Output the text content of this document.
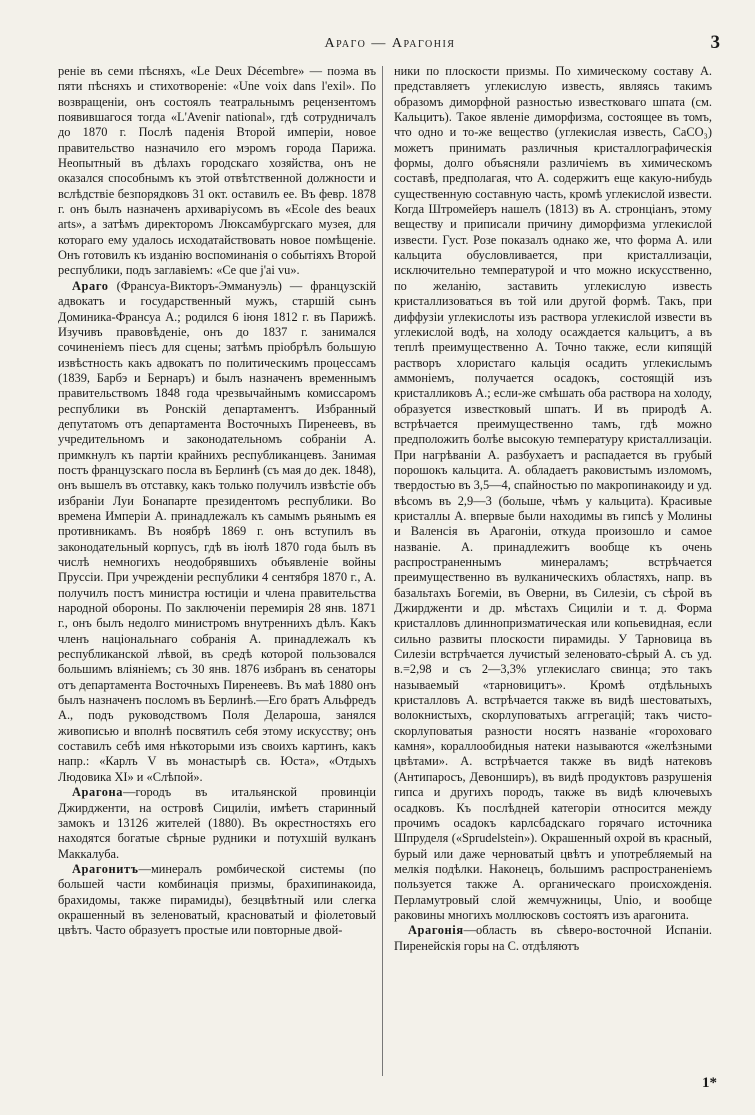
Араго — Арагонія	3

реніе въ семи пѣсняхъ, «Le Deux Décembre» — поэма въ пяти пѣсняхъ и стихотвореніе: «Une voix dans l'exil». По возвращеніи, онъ состоялъ театральнымъ рецензентомъ появившагося тогда «L'Avenir national», гдѣ сотрудничалъ до 1870 г. Послѣ паденія Второй имперіи, новое правительство назначило его мэромъ города Парижа. Неопытный въ дѣлахъ городскаго хозяйства, онъ не оказался способнымъ къ этой отвѣтственной должности и вслѣдствіе безпорядковъ 31 окт. оставилъ ее. Въ февр. 1878 г. онъ былъ назначенъ архиваріусомъ въ «Ecole des beaux arts», а затѣмъ директоромъ Люксамбургскаго музея, для котораго ему удалось исходатайствовать новое помѣщеніе. Онъ готовилъ къ изданію воспоминанія о событіяхъ Второй республики, подъ заглавіемъ: «Ce que j'ai vu».

Араго (Франсуа-Викторъ-Эммануэль) — французскій адвокатъ и государственный мужъ, старшій сынъ Доминика-Франсуа А.; родился 6 іюня 1812 г. въ Парижѣ. Изучивъ правовѣденіе, онъ до 1837 г. занимался сочиненіемъ пiесъ для сцены; затѣмъ пріобрѣлъ большую извѣстность какъ адвокатъ по политическимъ процессамъ (1839, Барбэ и Бернаръ) и былъ назначенъ временнымъ правительствомъ 1848 года чрезвычайнымъ комиссаромъ республики въ Ронскій департаментъ. Избранный депутатомъ отъ департамента Восточныхъ Пиренеевъ, въ учредительномъ и законодательномъ собраніи А. примкнулъ къ партіи крайнихъ республиканцевъ. Занимая постъ французскаго посла въ Берлинѣ (съ мая до дек. 1848), онъ вышелъ въ отставку, какъ только получилъ извѣстіе объ избраніи Луи Бонапарте президентомъ республики. Во времена Имперіи А. принадлежалъ къ самымъ рьянымъ ея противникамъ. Въ ноябрѣ 1869 г. онъ вступилъ въ законодательный корпусъ, гдѣ въ іюлѣ 1870 года былъ въ числѣ немногихъ неодобрявшихъ объявленіе войны Пруссіи. При учрежденіи республики 4 сентября 1870 г., А. получилъ постъ министра юстиціи и члена правительства народной обороны. По заключеніи перемирія 28 янв. 1871 г., онъ былъ недолго министромъ внутреннихъ дѣлъ. Какъ членъ національнаго собранія А. принадлежалъ къ республиканской лѣвой, въ средѣ которой пользовался большимъ вліяніемъ; съ 30 янв. 1876 избранъ въ сенаторы отъ департамента Восточныхъ Пиренеевъ. Въ маѣ 1880 онъ былъ назначенъ посломъ въ Берлинѣ.—Его братъ Альфредъ А., подъ руководствомъ Поля Деларошa, занялся живописью и вполнѣ посвятилъ себя этому искусству; онъ составилъ себѣ имя нѣкоторыми изъ своихъ картинъ, какъ напр.: «Карлъ V въ монастырѣ св. Юста», «Отдыхъ Людовика XI» и «Слѣпой».

Арагона—городъ въ итальянской провинціи Джирдженти, на островѣ Сициліи, имѣетъ старинный замокъ и 13126 жителей (1880). Въ окрестностяхъ его находятся богатые сѣрные рудники и потухшій вулканъ Маккалуба.

Арагонитъ—минералъ ромбической системы (по большей части комбинація призмы, брахипинакоида, брахидомы, также пирамиды), безцвѣтный или слегка окрашенный въ зеленоватый, красноватый и фіолетовый цвѣтъ. Часто образуетъ простые или повторные двой-

ники по плоскости призмы. По химическому составу А. представляетъ углекислую известь, являясь такимъ образомъ диморфной разностью известковаго шпата (см. Кальцитъ). Такое явленіе диморфизма, состоящее въ томъ, что одно и то-же вещество (углекислая известь, CaCO₃) можетъ принимать различныя кристаллографическія формы, долго объясняли различіемъ въ химическомъ составѣ, предполагая, что А. содержитъ еще какую-нибудь существенную составную часть, кромѣ углекислой извести. Когда Штромейеръ нашелъ (1813) въ А. стронціанъ, этому веществу и приписали причину диморфизма углекислой извести. Густ. Розе показалъ однако же, что форма А. или кальцита обусловливается, при кристаллизаціи, исключительно температурой и что можно искусственно, по желанію, заставить углекислую известь кристаллизоваться въ той или другой формѣ. Такъ, при диффузіи углекислоты изъ раствора углекислой извести въ углекислой водѣ, на холоду осаждается кальцитъ, а въ теплѣ преимущественно А. Точно также, если кипящій растворъ хлористаго кальція осадить углекислымъ аммоніемъ, получается осадокъ, состоящій изъ кристалликовъ А.; если-же смѣшать оба раствора на холоду, образуется известковый шпатъ. И въ природѣ А. встрѣчается преимущественно тамъ, гдѣ можно предположить болѣе высокую температуру кристаллизаціи. При нагрѣваніи А. разбухаетъ и распадается въ грубый порошокъ кальцита. А. обладаетъ раковистымъ изломомъ, твердостью въ 3,5—4, спайностью по макропинакоиду и уд. вѣсомъ въ 2,9—3 (больше, чѣмъ у кальцита). Красивые кристаллы А. впервые были находимы въ гипсѣ у Молины и Валенсія въ Арагоніи, откуда произошло и самое названіе. А. принадлежитъ вообще къ очень распространеннымъ минераламъ; встрѣчается преимущественно въ вулканическихъ областяхъ, напр. въ базальтахъ Богеміи, въ Оверни, въ Силезіи, съ сѣрой въ Джирдженти и др. мѣстахъ Сициліи и т. д. Форма кристалловъ длиннопризматическая или копьевидная, если сильно развиты плоскости пирамиды. У Тарновица въ Силезіи встрѣчается лучистый зеленовато-сѣрый А. съ уд. в.=2,98 и съ 2—3,3% углекислаго свинца; это такъ называемый «тарновицитъ». Кромѣ отдѣльныхъ кристалловъ А. встрѣчается также въ видѣ шестоватыхъ, волокнистыхъ, скорлуповатыхъ аггрегацій; такъ чисто-скорлуповатыя разности носятъ названіе «гороховаго камня», кораллообидныя натеки называются «желѣзными цвѣтами». А. встрѣчается также въ видѣ натековъ (Антипаросъ, Девонширъ), въ видѣ продуктовъ разрушенія гипса и другихъ породъ, также въ видѣ ключевыхъ осадковъ. Къ послѣдней категоріи относится между прочимъ осадокъ карлсбадскаго горячаго источника Шпруделя («Sprudelstein»). Окрашенный охрой въ красный, бурый или даже черноватый цвѣтъ и употребляемый на мелкія подѣлки. Наконецъ, большимъ распространеніемъ пользуется также А. органическаго происхожденія. Перламутровый слой жемчужницы, Unio, и вообще раковины многихъ моллюсковъ состоятъ изъ арагонита.

Арагонія—область въ сѣверо-восточной Испаніи. Пиренейскія горы на С. отдѣляютъ

1*
